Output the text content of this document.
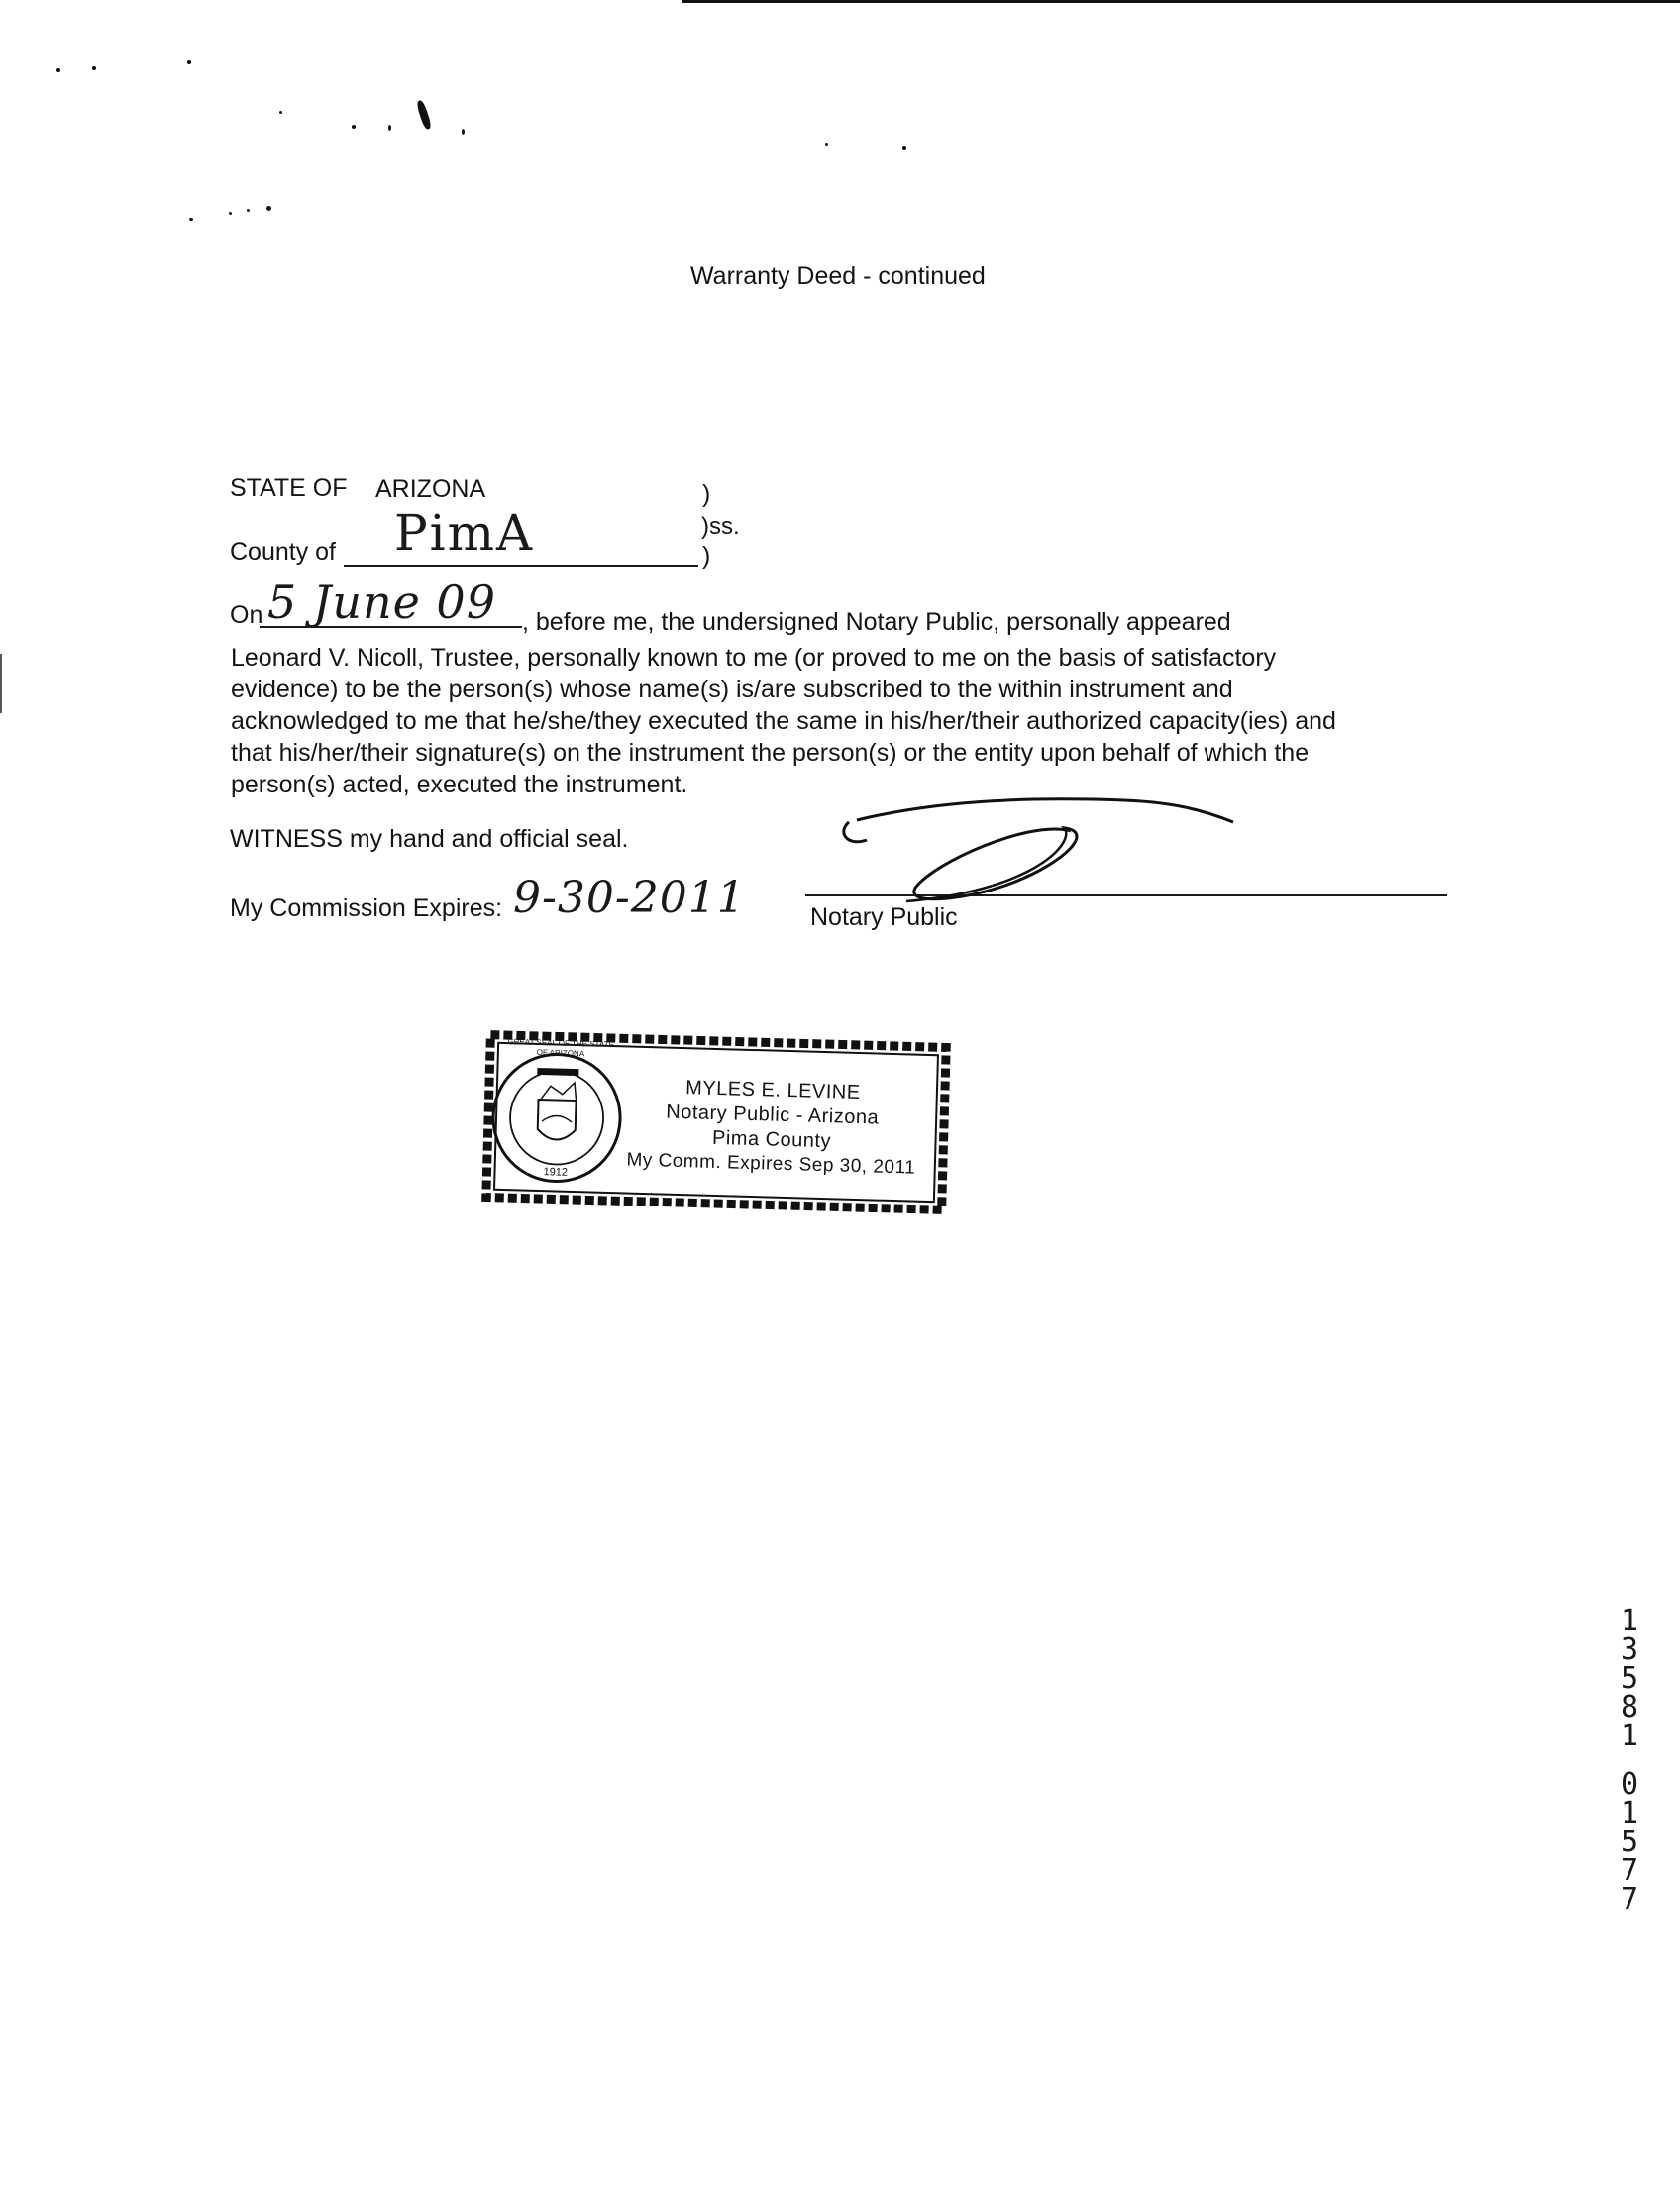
Warranty Deed - continued
STATE OF ARIZONA	)
)ss.
)
County of PimA
On 5 June 09 , before me, the undersigned Notary Public, personally appeared
Leonard V. Nicoll, Trustee, personally known to me (or proved to me on the basis of satisfactory
evidence) to be the person(s) whose name(s) is/are subscribed to the within instrument and
acknowledged to me that he/she/they executed the same in his/her/their authorized capacity(ies) and
that his/her/their signature(s) on the instrument the person(s) or the entity upon behalf of which the
person(s) acted, executed the instrument.
WITNESS my hand and official seal.
My Commission Expires: 9-30-2011	Notary Public
GREAT SEAL OF THE STATE OF ARIZONA
1912
MYLES E. LEVINE
Notary Public - Arizona
Pima County
My Comm. Expires Sep 30, 2011
1
3
5
8
1
0
1
5
7
7
